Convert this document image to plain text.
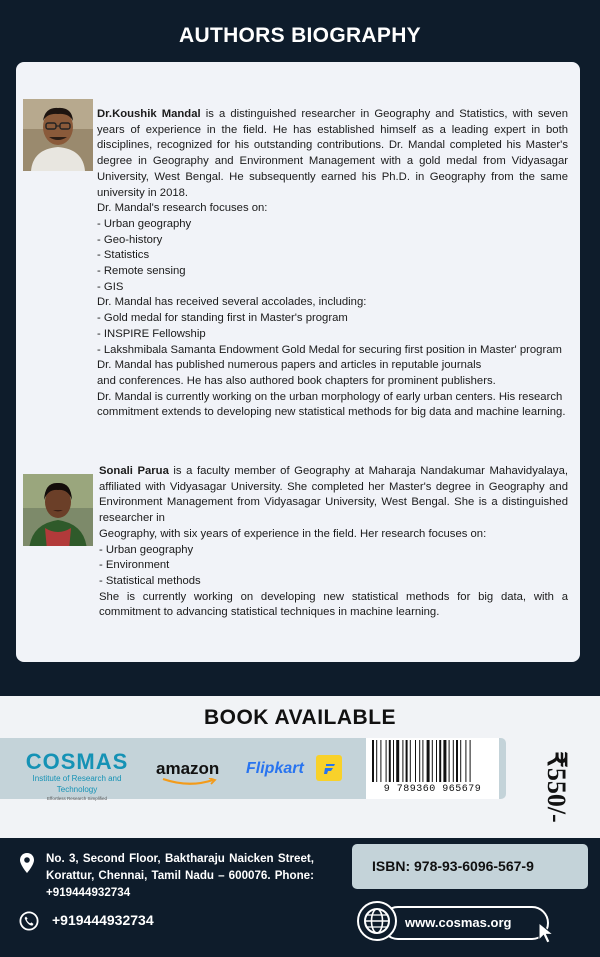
AUTHORS BIOGRAPHY

Dr.Koushik Mandal is a distinguished researcher in Geography and Statistics, with seven years of experience in the field. He has established himself as a leading expert in both disciplines, recognized for his outstanding contributions. Dr. Mandal completed his Master's degree in Geography and Environment Management with a gold medal from Vidyasagar University, West Bengal. He subsequently earned his Ph.D. in Geography from the same university in 2018.

Dr. Mandal's research focuses on:

- Urban geography

- Geo-history

- Statistics

- Remote sensing

- GIS

Dr. Mandal has received several accolades, including:

- Gold medal for standing first in Master's program

- INSPIRE Fellowship

- Lakshmibala Samanta Endowment Gold Medal for securing first position in Master' program

Dr. Mandal has published numerous papers and articles in reputable journals and conferences. He has also authored book chapters for prominent publishers.

Dr. Mandal is currently working on the urban morphology of early urban centers. His research commitment extends to developing new statistical methods for big data and machine learning.

Sonali Parua is a faculty member of Geography at Maharaja Nandakumar Mahavidyalaya, affiliated with Vidyasagar University. She completed her Master's degree in Geography and Environment Management from Vidyasagar University, West Bengal. She is a distinguished researcher in

Geography, with six years of experience in the field. Her research focuses on:

- Urban geography

- Environment

- Statistical methods

She is currently working on developing new statistical methods for big data, with a commitment to advancing statistical techniques in machine learning.

BOOK AVAILABLE
COSMAS
Institute of Research and Technology
Effortless Research Simplified
amazon Flipkart
9 789360 965679	₹550/-
No. 3, Second Floor, Baktharaju Naicken Street, Korattur, Chennai, Tamil Nadu – 600076. Phone: +919444932734
ISBN: 978-93-6096-567-9
+919444932734	www.cosmas.org
